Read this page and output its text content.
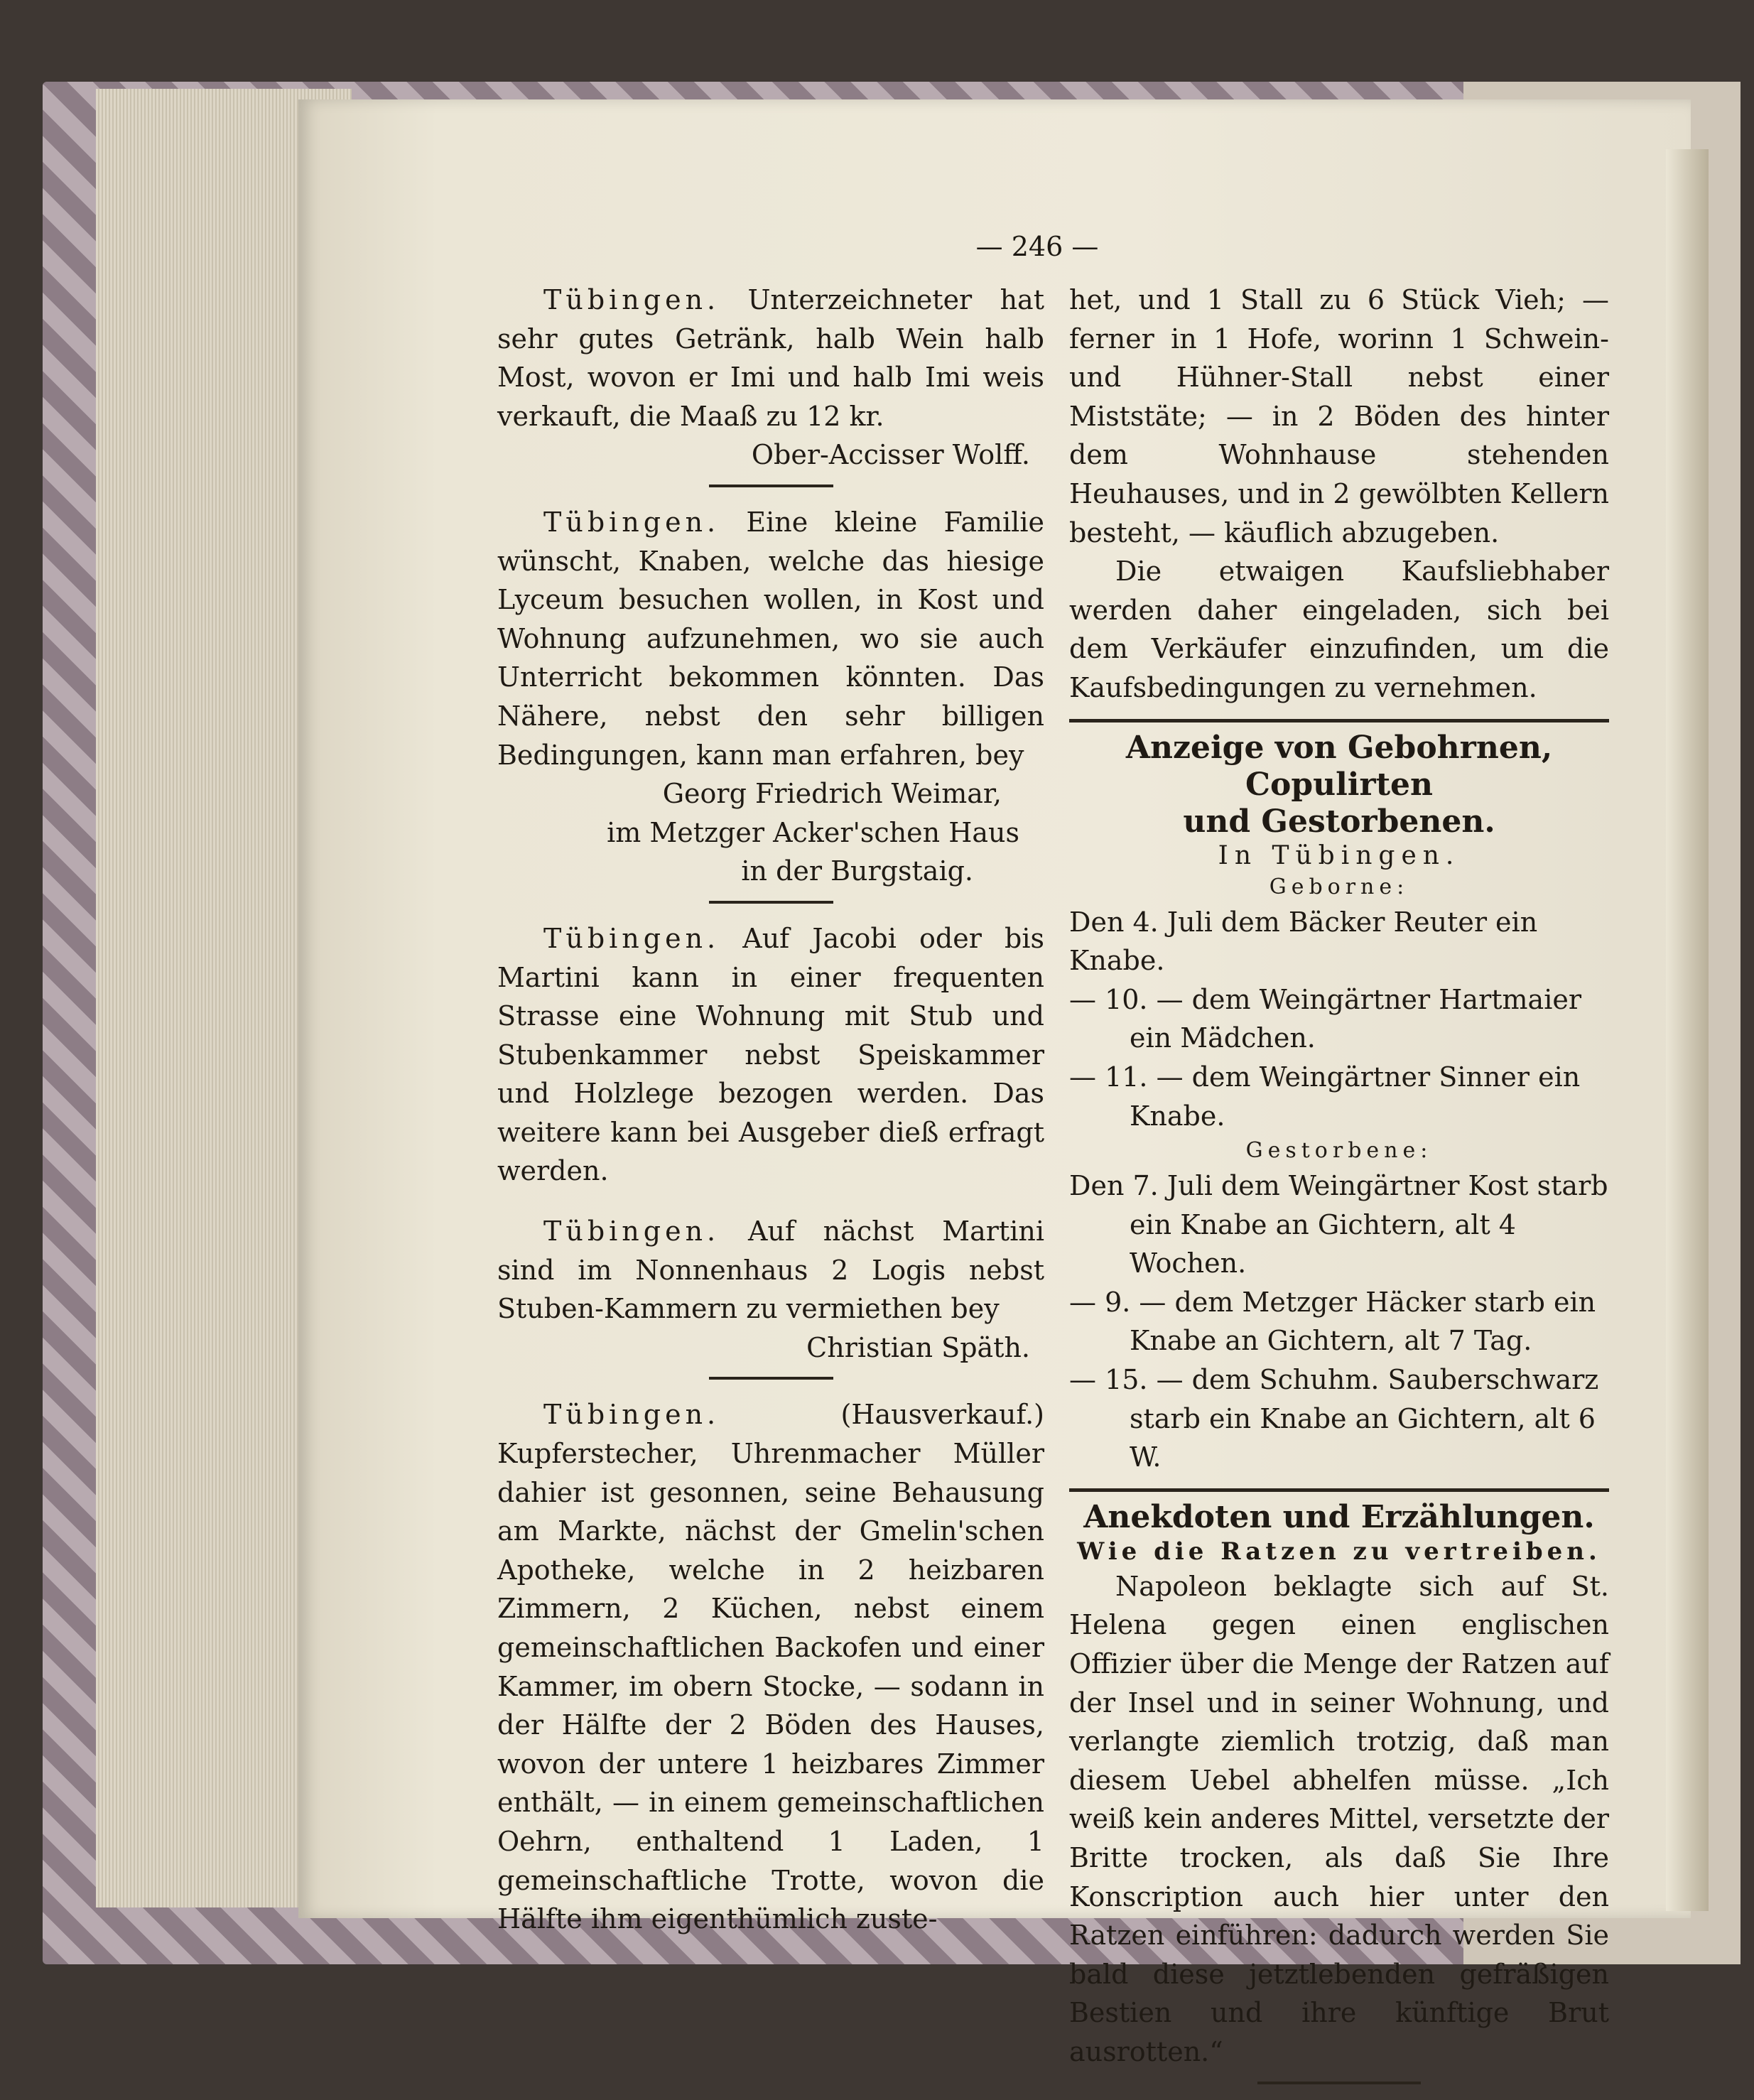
— 246 —

Tübingen. Unterzeichneter hat sehr gutes Getränk, halb Wein halb Most, wovon er Imi und halb Imi weis verkauft, die Maaß zu 12 kr.

Ober-Accisser Wolff.

Tübingen. Eine kleine Familie wünscht, Knaben, welche das hiesige Lyceum besuchen wollen, in Kost und Wohnung aufzunehmen, wo sie auch Unterricht bekommen könnten. Das Nähere, nebst den sehr billigen Bedingungen, kann man erfahren, bey

Georg Friedrich Weimar,

im Metzger Acker'schen Haus

in der Burgstaig.

Tübingen. Auf Jacobi oder bis Martini kann in einer frequenten Strasse eine Wohnung mit Stub und Stubenkammer nebst Speiskammer und Holzlege bezogen werden. Das weitere kann bei Ausgeber dieß erfragt werden.

Tübingen. Auf nächst Martini sind im Nonnenhaus 2 Logis nebst Stuben-Kammern zu vermiethen bey

Christian Späth.

Tübingen.	(Hausverkauf.) Kupferstecher, Uhrenmacher Müller dahier ist gesonnen, seine Behausung am Markte, nächst der Gmelin'schen Apotheke, welche in 2 heizbaren Zimmern, 2 Küchen, nebst einem gemeinschaftlichen Backofen und einer Kammer, im obern Stocke, — sodann in der Hälfte der 2 Böden des Hauses, wovon der untere 1 heizbares Zimmer enthält, — in einem gemeinschaftlichen Oehrn, enthaltend 1 Laden, 1 gemeinschaftliche Trotte, wovon die Hälfte ihm eigenthümlich zuste-

het, und 1 Stall zu 6 Stück Vieh; — ferner in 1 Hofe, worinn 1 Schwein- und Hühner-Stall nebst einer Miststäte; — in 2 Böden des hinter dem Wohnhause stehenden Heuhauses, und in 2 gewölbten Kellern besteht, — käuflich abzugeben.

Die etwaigen Kaufsliebhaber werden daher eingeladen, sich bei dem Verkäufer einzufinden, um die Kaufsbedingungen zu vernehmen.

Anzeige von Gebohrnen, Copulirten

und Gestorbenen.

In Tübingen.

Geborne:

Den 4. Juli dem Bäcker Reuter ein Knabe.

— 10. — dem Weingärtner Hartmaier

ein Mädchen.

— 11. — dem Weingärtner Sinner ein

Knabe.

Gestorbene:

Den 7. Juli dem Weingärtner Kost starb

ein Knabe an Gichtern, alt 4 Wochen.

— 9. — dem Metzger Häcker starb ein

Knabe an Gichtern, alt 7 Tag.

— 15. — dem Schuhm. Sauberschwarz

starb ein Knabe an Gichtern, alt 6 W.

Anekdoten und Erzählungen.

Wie die Ratzen zu vertreiben.

Napoleon beklagte sich auf St. Helena gegen einen englischen Offizier über die Menge der Ratzen auf der Insel und in seiner Wohnung, und verlangte ziemlich trotzig, daß man diesem Uebel abhelfen müsse. „Ich weiß kein anderes Mittel, versetzte der Britte trocken, als daß Sie Ihre Konscription auch hier unter den Ratzen einführen: dadurch werden Sie bald diese jetztlebenden gefräßigen Bestien und ihre künftige Brut ausrotten.“
